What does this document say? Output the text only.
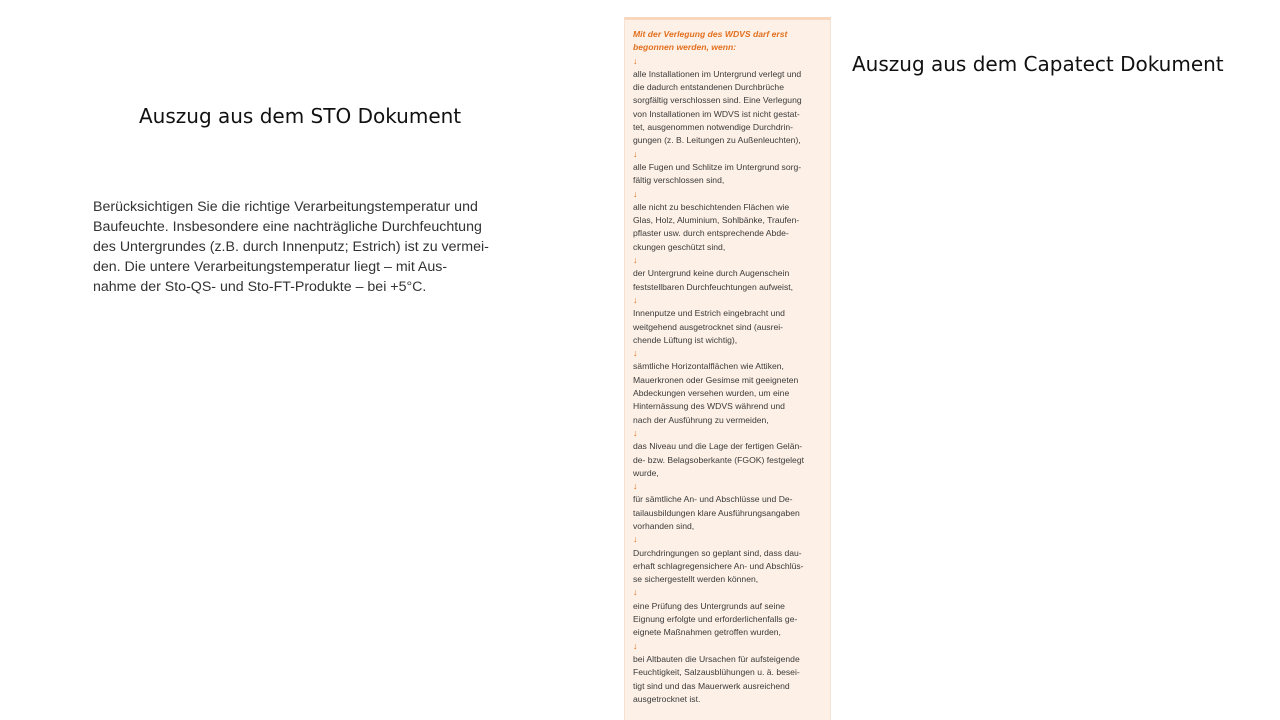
Auszug aus dem STO Dokument
Auszug aus dem Capatect Dokument
Berücksichtigen Sie die richtige Verarbeitungstemperatur und
Baufeuchte. Insbesondere eine nachträgliche Durchfeuchtung
des Untergrundes (z.B. durch Innenputz; Estrich) ist zu vermei-
den. Die untere Verarbeitungstemperatur liegt – mit Aus-
nahme der Sto-QS- und Sto-FT-Produkte – bei +5°C.
Mit der Verlegung des WDVS darf erst
begonnen werden, wenn:
↓
alle Installationen im Untergrund verlegt und
die dadurch entstandenen Durchbrüche
sorgfältig verschlossen sind. Eine Verlegung
von Installationen im WDVS ist nicht gestat-
tet, ausgenommen notwendige Durchdrin-
gungen (z. B. Leitungen zu Außenleuchten),
↓
alle Fugen und Schlitze im Untergrund sorg-
fältig verschlossen sind,
↓
alle nicht zu beschichtenden Flächen wie
Glas, Holz, Aluminium, Sohlbänke, Traufen-
pflaster usw. durch entsprechende Abde-
ckungen geschützt sind,
↓
der Untergrund keine durch Augenschein
feststellbaren Durchfeuchtungen aufweist,
↓
Innenputze und Estrich eingebracht und
weitgehend ausgetrocknet sind (ausrei-
chende Lüftung ist wichtig),
↓
sämtliche Horizontalflächen wie Attiken,
Mauerkronen oder Gesimse mit geeigneten
Abdeckungen versehen wurden, um eine
Hinternässung des WDVS während und
nach der Ausführung zu vermeiden,
↓
das Niveau und die Lage der fertigen Gelän-
de- bzw. Belagsoberkante (FGOK) festgelegt
wurde,
↓
für sämtliche An- und Abschlüsse und De-
tailausbildungen klare Ausführungsangaben
vorhanden sind,
↓
Durchdringungen so geplant sind, dass dau-
erhaft schlagregensichere An- und Abschlüs-
se sichergestellt werden können,
↓
eine Prüfung des Untergrunds auf seine
Eignung erfolgte und erforderlichenfalls ge-
eignete Maßnahmen getroffen wurden,
↓
bei Altbauten die Ursachen für aufsteigende
Feuchtigkeit, Salzausblühungen u. ä. besei-
tigt sind und das Mauerwerk ausreichend
ausgetrocknet ist.
